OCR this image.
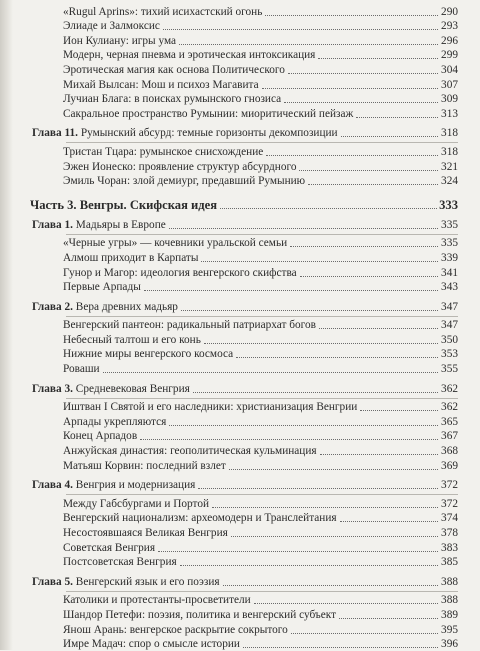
«Rugul Aprins»: тихий исихастский огонь	290
Элиаде и Залмоксис	293
Ион Кулиану: игры ума	296
Модерн, черная пневма и эротическая интоксикация	299
Эротическая магия как основа Политического	304
Михай Вылсан: Мош и психоз Магавита	307
Лучиан Блага: в поисках румынского гнозиса	309
Сакральное пространство Румынии: миоритический пейзаж	313
Глава 11. Румынский абсурд: темные горизонты декомпозиции	318
Тристан Тцара: румынское снисхождение	318
Эжен Ионеско: проявление структур абсурдного	321
Эмиль Чоран: злой демиург, предавший Румынию	324
Часть 3. Венгры. Скифская идея	333
Глава 1. Мадьяры в Европе	335
«Черные угры» — кочевники уральской семьи	335
Алмош приходит в Карпаты	339
Гунор и Магор: идеология венгерского скифства	341
Первые Арпады	343
Глава 2. Вера древних мадьяр	347
Венгерский пантеон: радикальный патриархат богов	347
Небесный талтош и его конь	350
Нижние миры венгерского космоса	353
Роваши	355
Глава 3. Средневековая Венгрия	362
Иштван I Святой и его наследники: христианизация Венгрии	362
Арпады укрепляются	365
Конец Арпадов	367
Анжуйская династия: геополитическая кульминация	368
Матьяш Корвин: последний взлет	369
Глава 4. Венгрия и модернизация	372
Между Габсбургами и Портой	372
Венгерский национализм: археомодерн и Транслейтания	374
Несостоявшаяся Великая Венгрия	378
Советская Венгрия	383
Постсоветская Венгрия	385
Глава 5. Венгерский язык и его поэзия	388
Католики и протестанты-просветители	388
Шандор Петефи: поэзия, политика и венгерский субъект	389
Янош Арань: венгерское раскрытие сокрытого	395
Имре Мадач: спор о смысле истории	396
